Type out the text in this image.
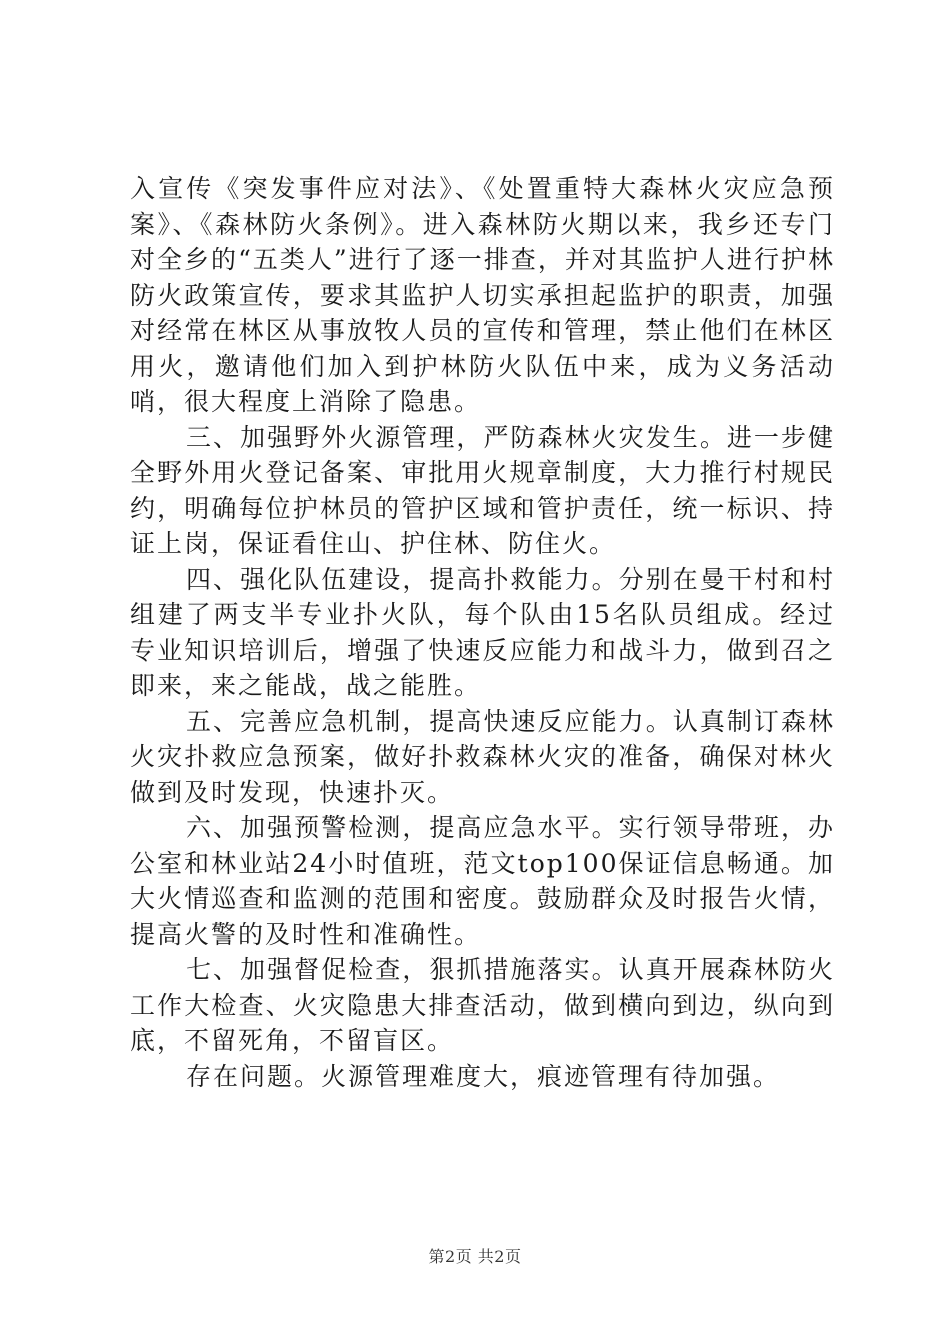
入宣传《突发事件应对法》、《处置重特大森林火灾应急预案》、《森林防火条例》。进入森林防火期以来，我乡还专门对全乡的“五类人”进行了逐一排查，并对其监护人进行护林防火政策宣传，要求其监护人切实承担起监护的职责，加强对经常在林区从事放牧人员的宣传和管理，禁止他们在林区用火，邀请他们加入到护林防火队伍中来，成为义务活动哨，很大程度上消除了隐患。

三、加强野外火源管理，严防森林火灾发生。进一步健全野外用火登记备案、审批用火规章制度，大力推行村规民约，明确每位护林员的管护区域和管护责任，统一标识、持证上岗，保证看住山、护住林、防住火。

四、强化队伍建设，提高扑救能力。分别在曼干村和村组建了两支半专业扑火队，每个队由15名队员组成。经过专业知识培训后，增强了快速反应能力和战斗力，做到召之即来，来之能战，战之能胜。

五、完善应急机制，提高快速反应能力。认真制订森林火灾扑救应急预案，做好扑救森林火灾的准备，确保对林火做到及时发现，快速扑灭。

六、加强预警检测，提高应急水平。实行领导带班，办公室和林业站24小时值班，范文top100保证信息畅通。加大火情巡查和监测的范围和密度。鼓励群众及时报告火情，提高火警的及时性和准确性。

七、加强督促检查，狠抓措施落实。认真开展森林防火工作大检查、火灾隐患大排查活动，做到横向到边，纵向到底，不留死角，不留盲区。

存在问题。火源管理难度大，痕迹管理有待加强。

第2页 共2页
